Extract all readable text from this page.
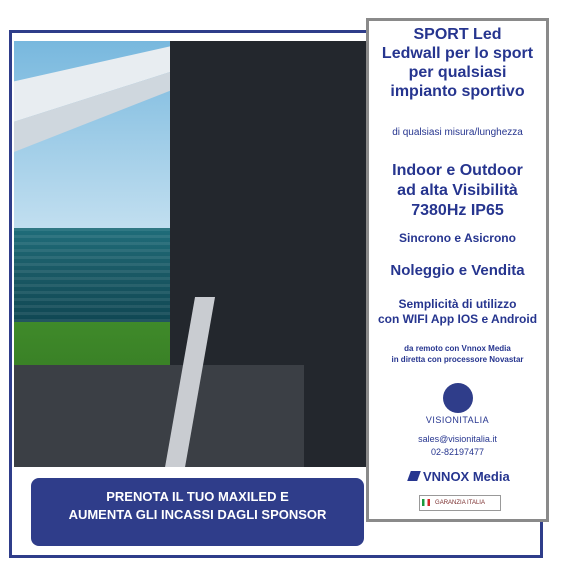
SPORT Led
Ledwall per lo sport
per qualsiasi
impianto sportivo
di qualsiasi misura/lunghezza
Indoor e Outdoor
ad alta Visibilità
7380Hz IP65
Sincrono e Asicrono
Noleggio e Vendita
Semplicità di utilizzo
con WIFI App IOS e Android
da remoto con Vnnox Media
in diretta con processore Novastar
VISIONITALIA
sales@visionitalia.it
02-82197477
VNNOX Media
GARANZIA ITALIA
PRENOTA IL TUO MAXILED E
AUMENTA GLI INCASSI DAGLI SPONSOR
